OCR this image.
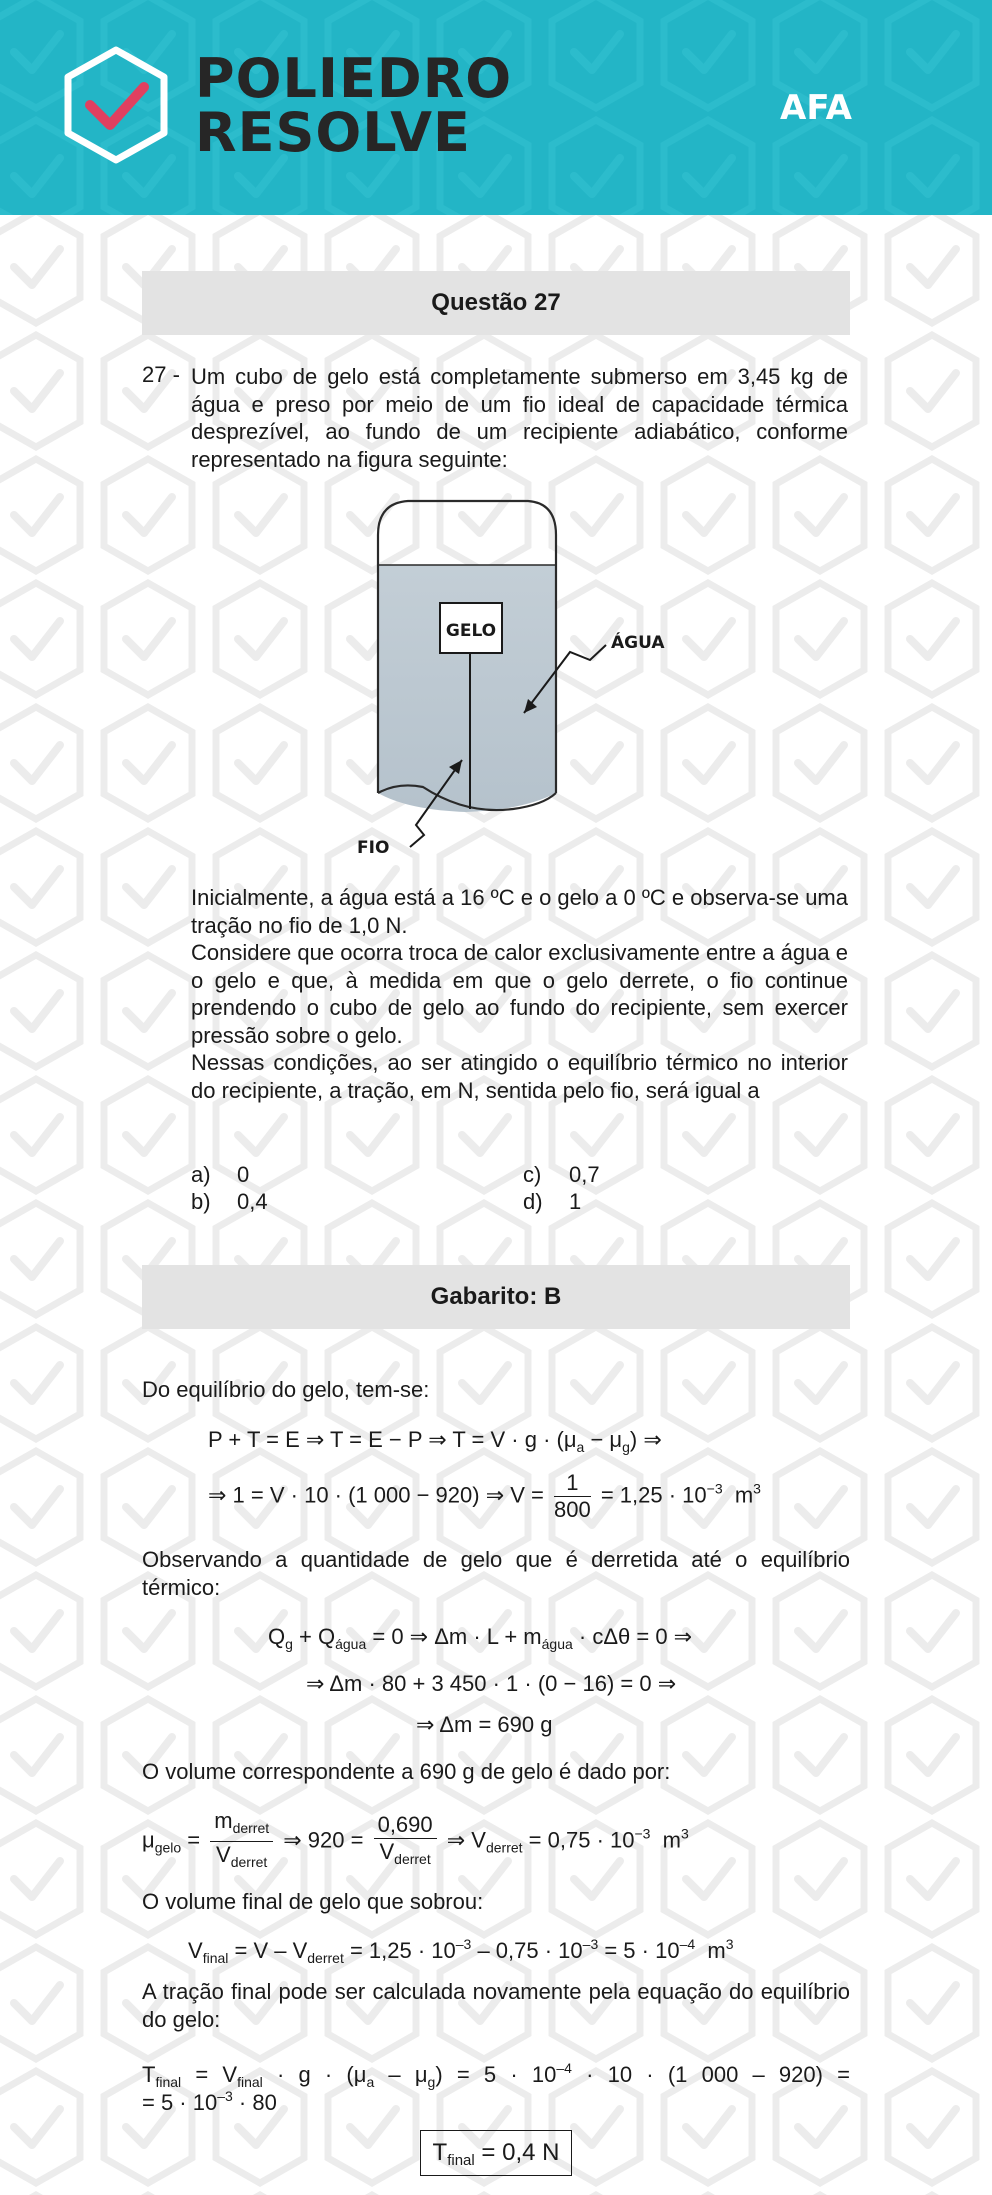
POLIEDRO
RESOLVE	AFA
Questão 27
27 - Um cubo de gelo está completamente submerso em 3,45 kg de água e preso por meio de um fio ideal de capacidade térmica desprezível, ao fundo de um recipiente adiabático, conforme representado na figura seguinte:

GELO
ÁGUA
FIO

Inicialmente, a água está a 16 ºC e o gelo a 0 ºC e observa-se uma tração no fio de 1,0 N.

Considere que ocorra troca de calor exclusivamente entre a água e o gelo e que, à medida em que o gelo derrete, o fio continue prendendo o cubo de gelo ao fundo do recipiente, sem exercer pressão sobre o gelo.

Nessas condições, ao ser atingido o equilíbrio térmico no interior do recipiente, a tração, em N, sentida pelo fio, será igual a

a) 0
b) 0,4
c) 0,7
d) 1
Gabarito: B

Do equilíbrio do gelo, tem-se:

P + T = E ⇒ T = E − P ⇒ $T = V \cdot g \cdot (\mu_a - \mu_g)$ ⇒
⇒ 1 = V · 10 · (1 000 − 920) ⇒ $V = \frac{1}{800} = 1,25 \cdot 10^{-3}$  $m^3$

Observando a quantidade de gelo que é derretida até o equilíbrio térmico:

$Q_g + Q_{água} = 0$ ⇒ $\Delta m \cdot L + m_{água} \cdot c\Delta\theta = 0$ ⇒
⇒ Δm · 80 + 3 450 · 1 · (0 − 16) = 0 ⇒
⇒ Δm = 690 g

O volume correspondente a 690 g de gelo é dado por:

$\mu_{gelo} = \frac{m_{derret}}{V_{derret}}$ ⇒ $920 = \frac{0,690}{V_{derret}}$ ⇒ $V_{derret} = 0,75 \cdot 10^{-3}$  $m^3$

O volume final de gelo que sobrou:

$V_{final} = V - V_{derret} = 1,25 \cdot 10^{-3} - 0,75 \cdot 10^{-3} = 5 \cdot 10^{-4}$  $m^3$

A tração final pode ser calculada novamente pela equação do equilíbrio do gelo:

$T_{final} = V_{final} \cdot g \cdot (\mu_a - \mu_g) = 5 \cdot 10^{-4} \cdot 10 \cdot (1$ 000 – 920) =
= $5 \cdot 10^{-3} \cdot 80$
$T_{final} = 0,4$ N
